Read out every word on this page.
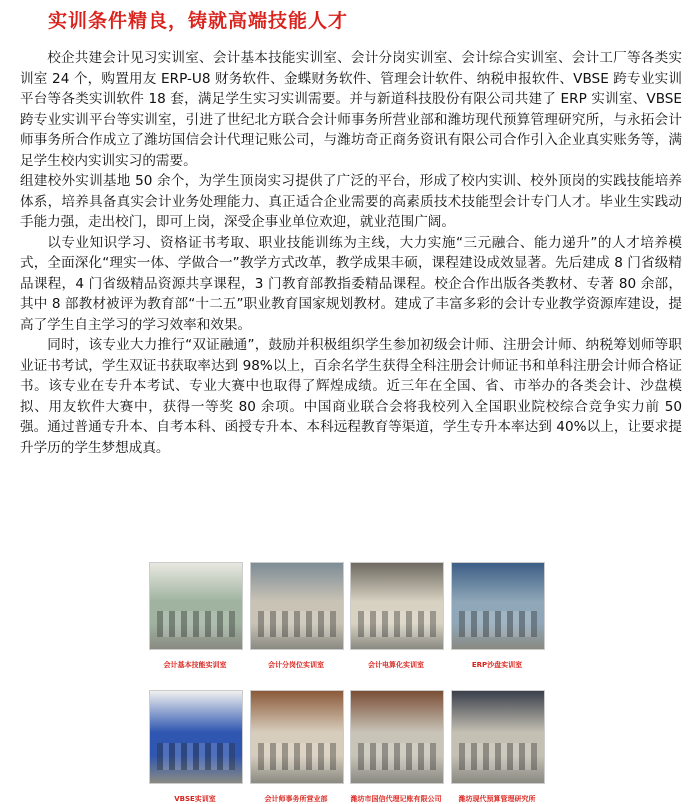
实训条件精良，铸就高端技能人才

校企共建会计见习实训室、会计基本技能实训室、会计分岗实训室、会计综合实训室、会计工厂等各类实训室 24 个，购置用友 ERP-U8 财务软件、金蝶财务软件、管理会计软件、纳税申报软件、VBSE 跨专业实训平台等各类实训软件 18 套，满足学生实习实训需要。并与新道科技股份有限公司共建了 ERP 实训室、VBSE 跨专业实训平台等实训室，引进了世纪北方联合会计师事务所营业部和潍坊现代预算管理研究所，与永拓会计师事务所合作成立了潍坊国信会计代理记账公司，与潍坊奇正商务资讯有限公司合作引入企业真实账务等，满足学生校内实训实习的需要。

组建校外实训基地 50 余个，为学生顶岗实习提供了广泛的平台，形成了校内实训、校外顶岗的实践技能培养体系，培养具备真实会计业务处理能力、真正适合企业需要的高素质技术技能型会计专门人才。毕业生实践动手能力强，走出校门，即可上岗，深受企事业单位欢迎，就业范围广阔。

以专业知识学习、资格证书考取、职业技能训练为主线，大力实施“三元融合、能力递升”的人才培养模式，全面深化“理实一体、学做合一”教学方式改革，教学成果丰硕，课程建设成效显著。先后建成 8 门省级精品课程，4 门省级精品资源共享课程，3 门教育部教指委精品课程。校企合作出版各类教材、专著 80 余部，其中 8 部教材被评为教育部“十二五”职业教育国家规划教材。建成了丰富多彩的会计专业教学资源库建设，提高了学生自主学习的学习效率和效果。

同时，该专业大力推行“双证融通”，鼓励并积极组织学生参加初级会计师、注册会计师、纳税筹划师等职业证书考试，学生双证书获取率达到 98%以上，百余名学生获得全科注册会计师证书和单科注册会计师合格证书。该专业在专升本考试、专业大赛中也取得了辉煌成绩。近三年在全国、省、市举办的各类会计、沙盘模拟、用友软件大赛中，获得一等奖 80 余项。中国商业联合会将我校列入全国职业院校综合竞争实力前 50 强。通过普通专升本、自考本科、函授专升本、本科远程教育等渠道，学生专升本率达到 40%以上，让要求提升学历的学生梦想成真。

会计基本技能实训室	会计分岗位实训室	会计电算化实训室	ERP沙盘实训室
VBSE实训室	会计师事务所营业部	潍坊市国信代理记账有限公司	潍坊现代预算管理研究所
